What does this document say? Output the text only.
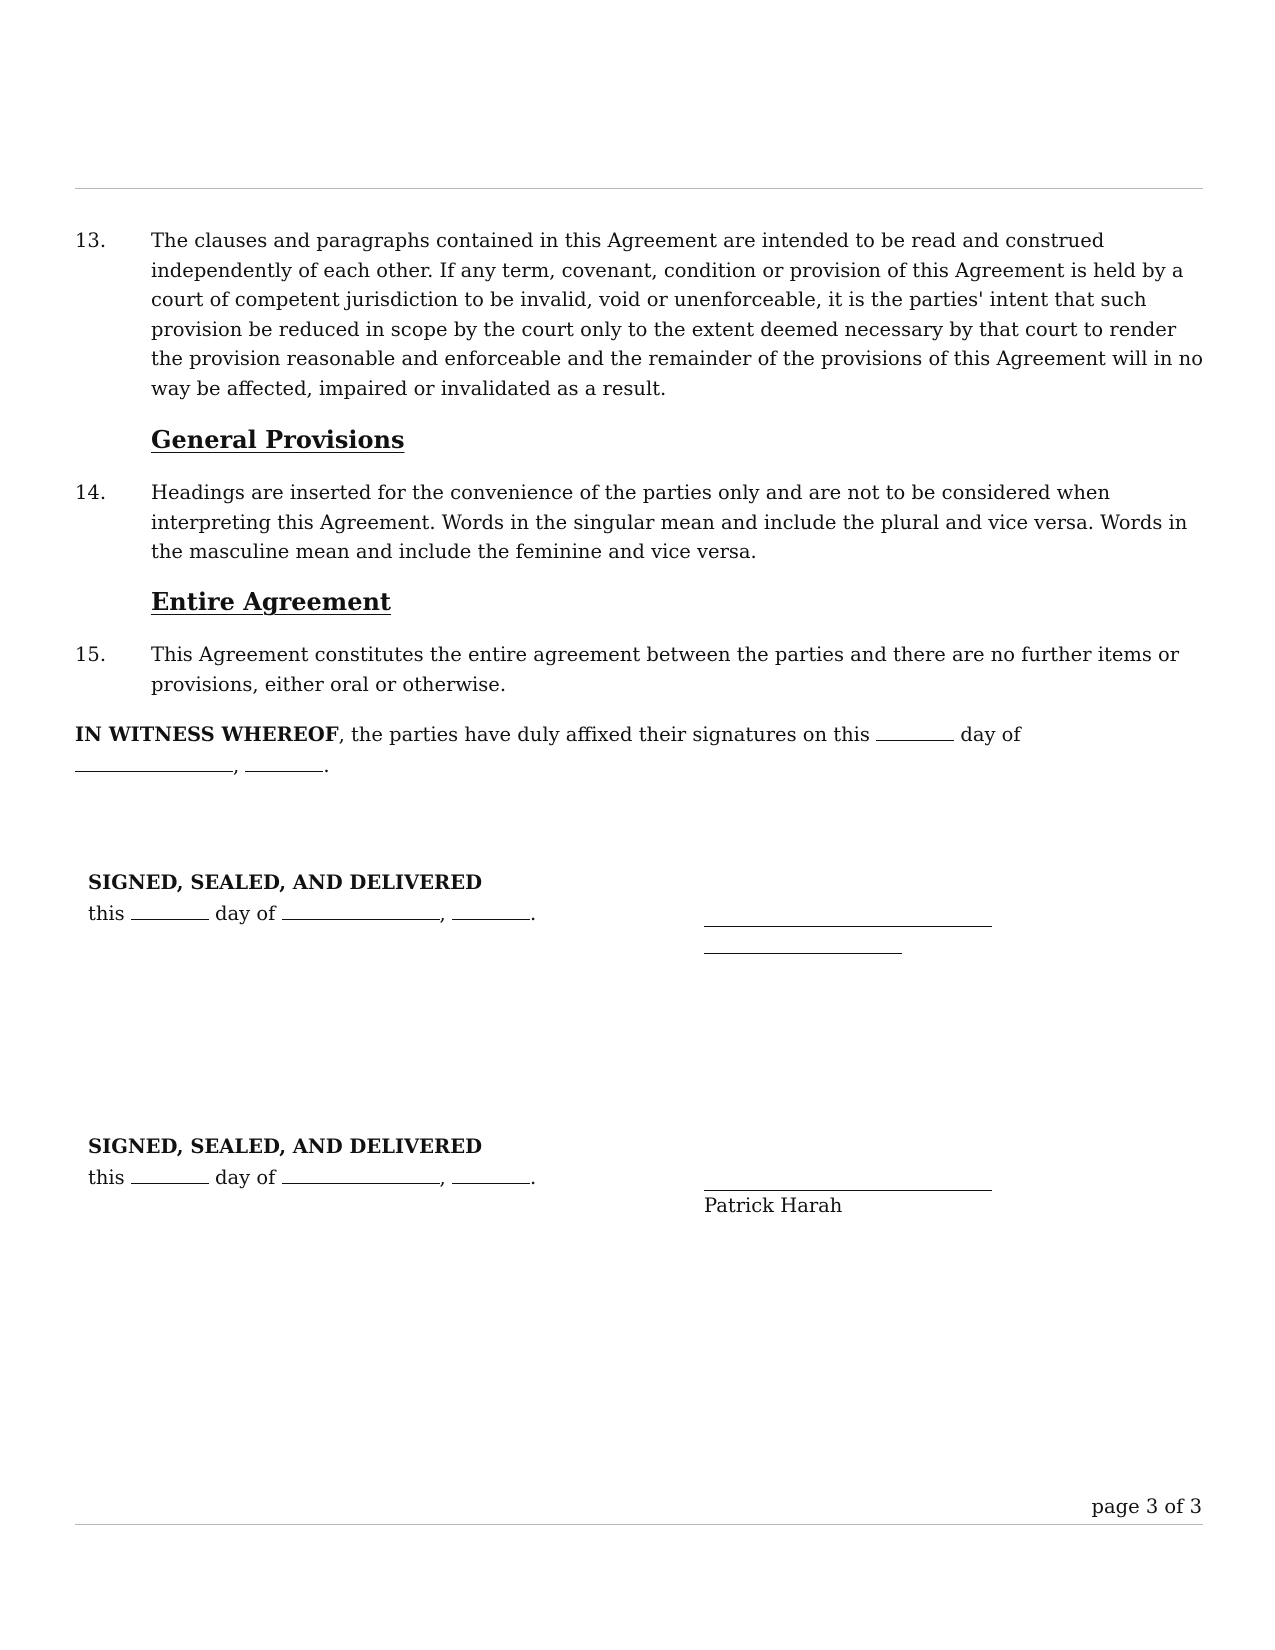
13.	The clauses and paragraphs contained in this Agreement are intended to be read and construed independently of each other. If any term, covenant, condition or provision of this Agreement is held by a court of competent jurisdiction to be invalid, void or unenforceable, it is the parties' intent that such provision be reduced in scope by the court only to the extent deemed necessary by that court to render the provision reasonable and enforceable and the remainder of the provisions of this Agreement will in no way be affected, impaired or invalidated as a result.
General Provisions
14.	Headings are inserted for the convenience of the parties only and are not to be considered when interpreting this Agreement. Words in the singular mean and include the plural and vice versa. Words in the masculine mean and include the feminine and vice versa.
Entire Agreement
15.	This Agreement constitutes the entire agreement between the parties and there are no further items or provisions, either oral or otherwise.
IN WITNESS WHEREOF, the parties have duly affixed their signatures on this	day of
,	.
SIGNED, SEALED, AND DELIVERED
this	day of	,	.
SIGNED, SEALED, AND DELIVERED
this	day of	,	.
Patrick Harah
page 3 of 3
